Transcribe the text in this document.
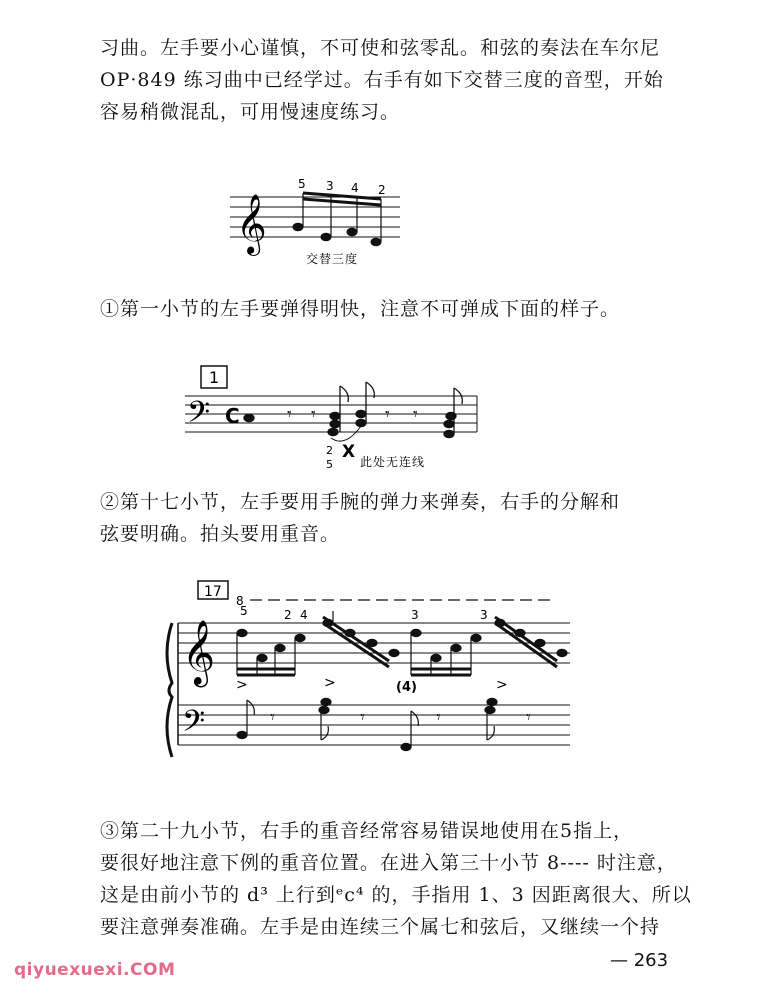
习曲。左手要小心谨慎，不可使和弦零乱。和弦的奏法在车尔尼

OP·849 练习曲中已经学过。右手有如下交替三度的音型，开始

容易稍微混乱，可用慢速度练习。

𝄞
5 3 4 2
交替三度

①第一小节的左手要弹得明快，注意不可弹成下面的样子。

1
𝄢 C	𝄾 𝄾	𝄾 𝄾
2
5
X 此处无连线

②第十七小节，左手要用手腕的弹力来弹奏，右手的分解和

弦要明确。拍头要用重音。

17
8
𝄞
𝄢
5	2 4	3	3
(4)
>	>	>
𝄾	𝄾	𝄾	𝄾

③第二十九小节，右手的重音经常容易错误地使用在5指上，

要很好地注意下例的重音位置。在进入第三十小节 8---- 时注意，

这是由前小节的 d³ 上行到ᵉc⁴ 的，手指用 1、3 因距离很大、所以

要注意弹奏准确。左手是由连续三个属七和弦后，又继续一个持

— 263
qiyuexuexi.COM
